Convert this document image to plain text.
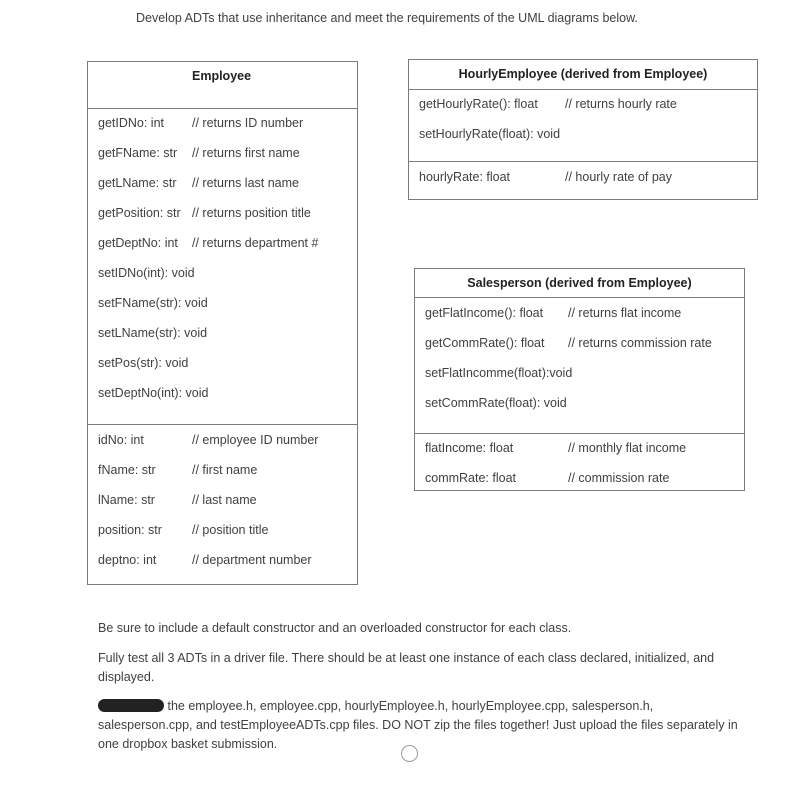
Develop ADTs that use inheritance and meet the requirements of the UML diagrams below.
Employee
getIDNo: int // returns ID number
getFName: str // returns first name
getLName: str // returns last name
getPosition: str // returns position title
getDeptNo: int // returns department #
setIDNo(int): void
setFName(str): void
setLName(str): void
setPos(str): void
setDeptNo(int): void
idNo: int	// employee ID number
fName: str	// first name
lName: str	// last name
position: str // position title
deptno: int	// department number
HourlyEmployee (derived from Employee)
getHourlyRate(): float // returns hourly rate
setHourlyRate(float): void
hourlyRate: float	// hourly rate of pay
Salesperson (derived from Employee)
getFlatIncome(): float // returns flat income
getCommRate(): float // returns commission rate
setFlatIncomme(float):void
setCommRate(float): void
flatIncome: float	// monthly flat income
commRate: float	// commission rate
Be sure to include a default constructor and an overloaded constructor for each class.
Fully test all 3 ADTs in a driver file. There should be at least one instance of each class declared, initialized, and displayed.
the employee.h, employee.cpp, hourlyEmployee.h, hourlyEmployee.cpp, salesperson.h, salesperson.cpp, and testEmployeeADTs.cpp files. DO NOT zip the files together! Just upload the files separately in one dropbox basket submission.
